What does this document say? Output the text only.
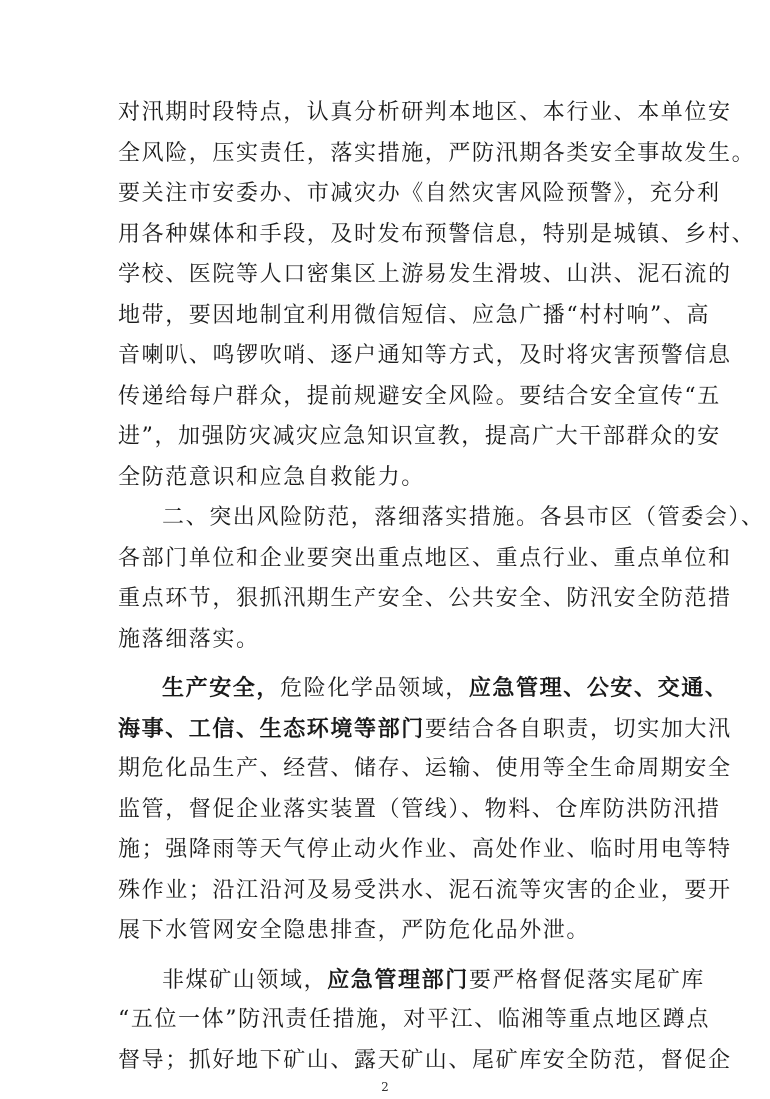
对汛期时段特点，认真分析研判本地区、本行业、本单位安
全风险，压实责任，落实措施，严防汛期各类安全事故发生。
要关注市安委办、市减灾办《自然灾害风险预警》，充分利
用各种媒体和手段，及时发布预警信息，特别是城镇、乡村、
学校、医院等人口密集区上游易发生滑坡、山洪、泥石流的
地带，要因地制宜利用微信短信、应急广播“村村响”、高
音喇叭、鸣锣吹哨、逐户通知等方式，及时将灾害预警信息
传递给每户群众，提前规避安全风险。要结合安全宣传“五
进”，加强防灾减灾应急知识宣教，提高广大干部群众的安
全防范意识和应急自救能力。
二、突出风险防范，落细落实措施。各县市区（管委会）、
各部门单位和企业要突出重点地区、重点行业、重点单位和
重点环节，狠抓汛期生产安全、公共安全、防汛安全防范措
施落细落实。
生产安全，危险化学品领域，应急管理、公安、交通、
海事、工信、生态环境等部门要结合各自职责，切实加大汛
期危化品生产、经营、储存、运输、使用等全生命周期安全
监管，督促企业落实装置（管线）、物料、仓库防洪防汛措
施；强降雨等天气停止动火作业、高处作业、临时用电等特
殊作业；沿江沿河及易受洪水、泥石流等灾害的企业，要开
展下水管网安全隐患排查，严防危化品外泄。
非煤矿山领域，应急管理部门要严格督促落实尾矿库
2
“五位一体”防汛责任措施，对平江、临湘等重点地区蹲点
督导；抓好地下矿山、露天矿山、尾矿库安全防范，督促企
